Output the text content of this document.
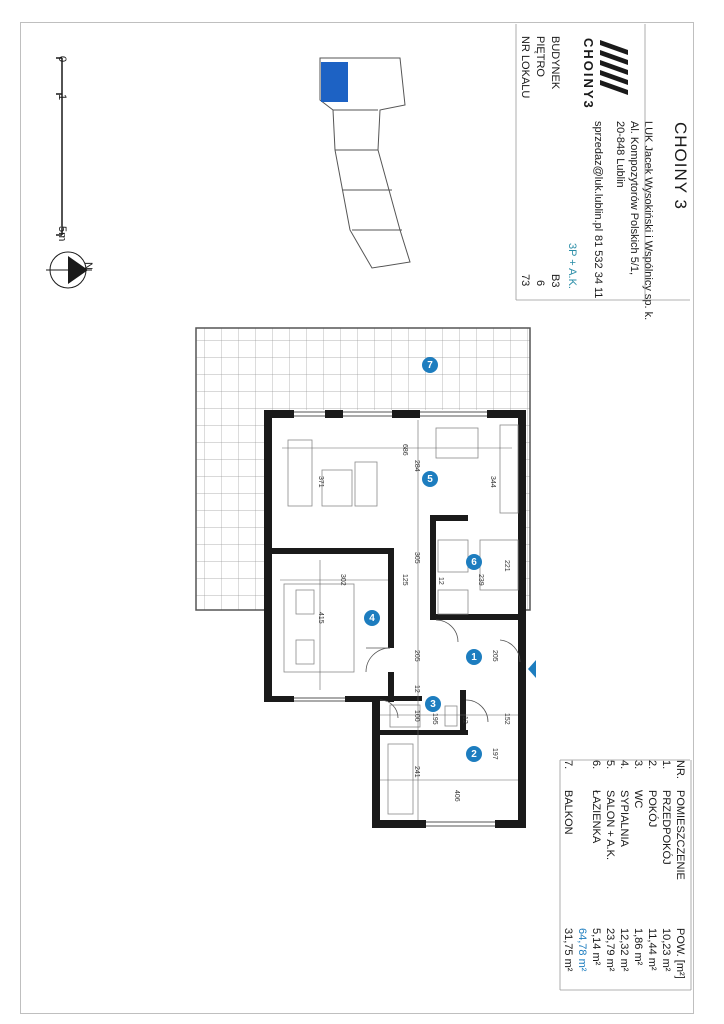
CHOINY 3
LUK Jacek Wysokiński i Wspólnicy sp. k.
Al. Kompozytorów Polskich 5/1,
20-848 Lublin
81 532 34 11
sprzedaz@luk.lublin.pl
3P + A.K.
CHOINY3
BUDYNEK
B3
PIĘTRO
6
NR LOKALU
73

0
1
5m
N
NR.
POMIESZCZENIE
POW. [m²]
1.
PRZEDPOKÓJ
10,23 m²
2.
POKÓJ
11,44 m²
3.
WC
1,86 m²
4.
SYPIALNIA
12,32 m²
5.
SALON + A.K.
23,79 m²
6.
ŁAZIENKA
5,14 m²
64,78 m²
7.
BALKON
31,75 m²
1
2
3
4
5
6
7
686
371
284
344
305
302	125	12	239
221
415
205	205
12
100 195	12	152
197
241
406
